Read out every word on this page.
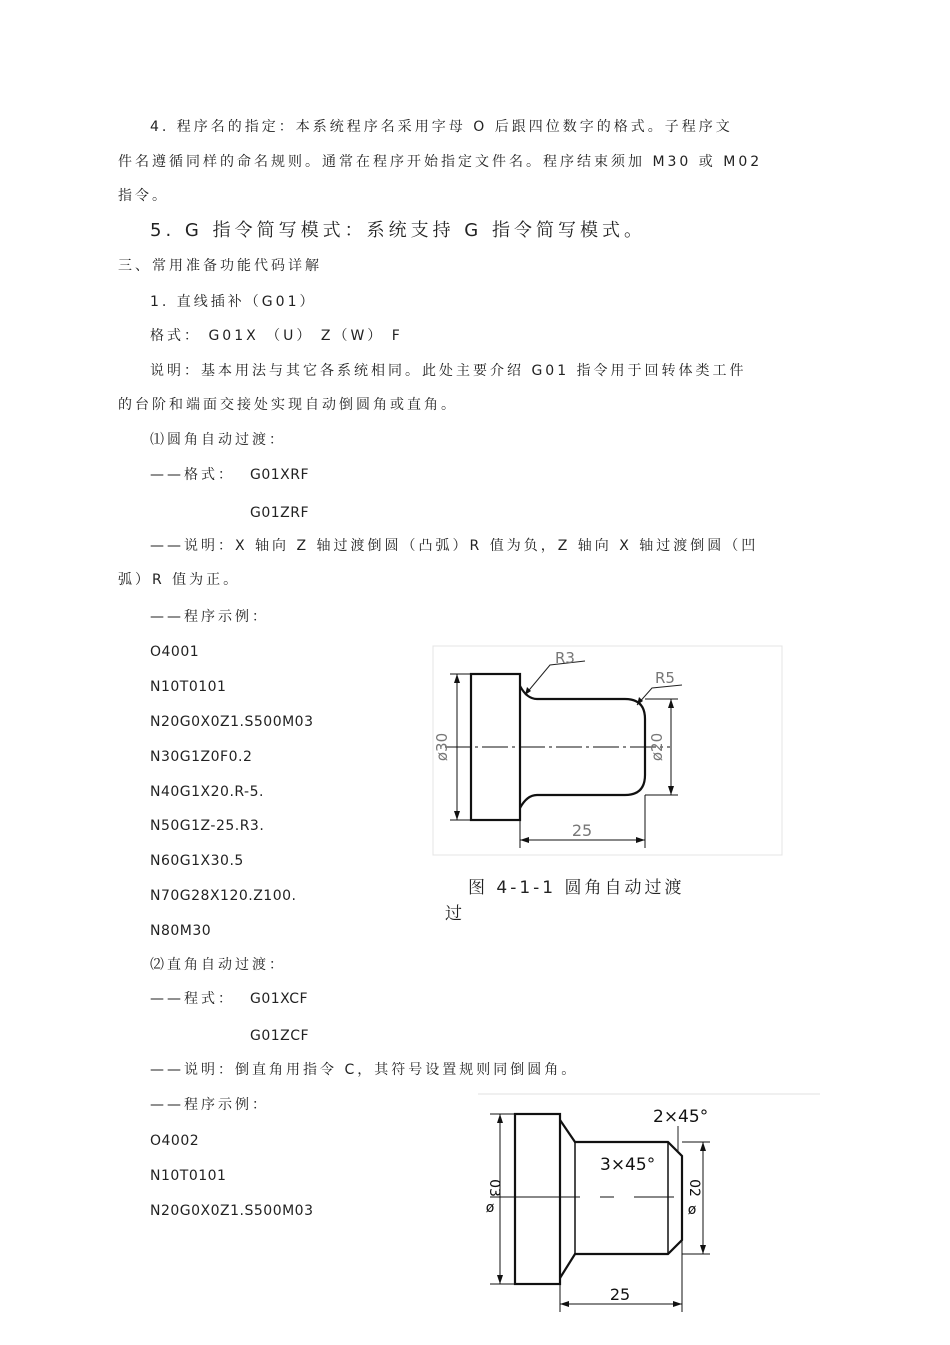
4. 程序名的指定：本系统程序名采用字母 O 后跟四位数字的格式。子程序文
件名遵循同样的命名规则。通常在程序开始指定文件名。程序结束须加 M30 或 M02
指令。
5. G 指令简写模式：系统支持 G 指令简写模式。
三、常用准备功能代码详解
1. 直线插补（G01）
格式： G01X （U） Z（W） F
说明：基本用法与其它各系统相同。此处主要介绍 G01 指令用于回转体类工件
的台阶和端面交接处实现自动倒圆角或直角。
⑴圆角自动过渡：
——格式： G01XRF
G01ZRF
——说明：X 轴向 Z 轴过渡倒圆（凸弧）R 值为负，Z 轴向 X 轴过渡倒圆（凹
弧）R 值为正。
——程序示例：
O4001
N10T0101
N20G0X0Z1.S500M03
N30G1Z0F0.2
N40G1X20.R-5.
N50G1Z-25.R3.
N60G1X30.5
N70G28X120.Z100.
N80M30
ø30	ø20
25
R3
R5
图 4-1-1 圆角自动过渡
过
⑵直角自动过渡：
——程式： G01XCF
G01ZCF
——说明：倒直角用指令 C，其符号设置规则同倒圆角。
——程序示例：
O4002
N10T0101
N20G0X0Z1.S500M03
03
ø
02
ø
25
2×45°
3×45°
